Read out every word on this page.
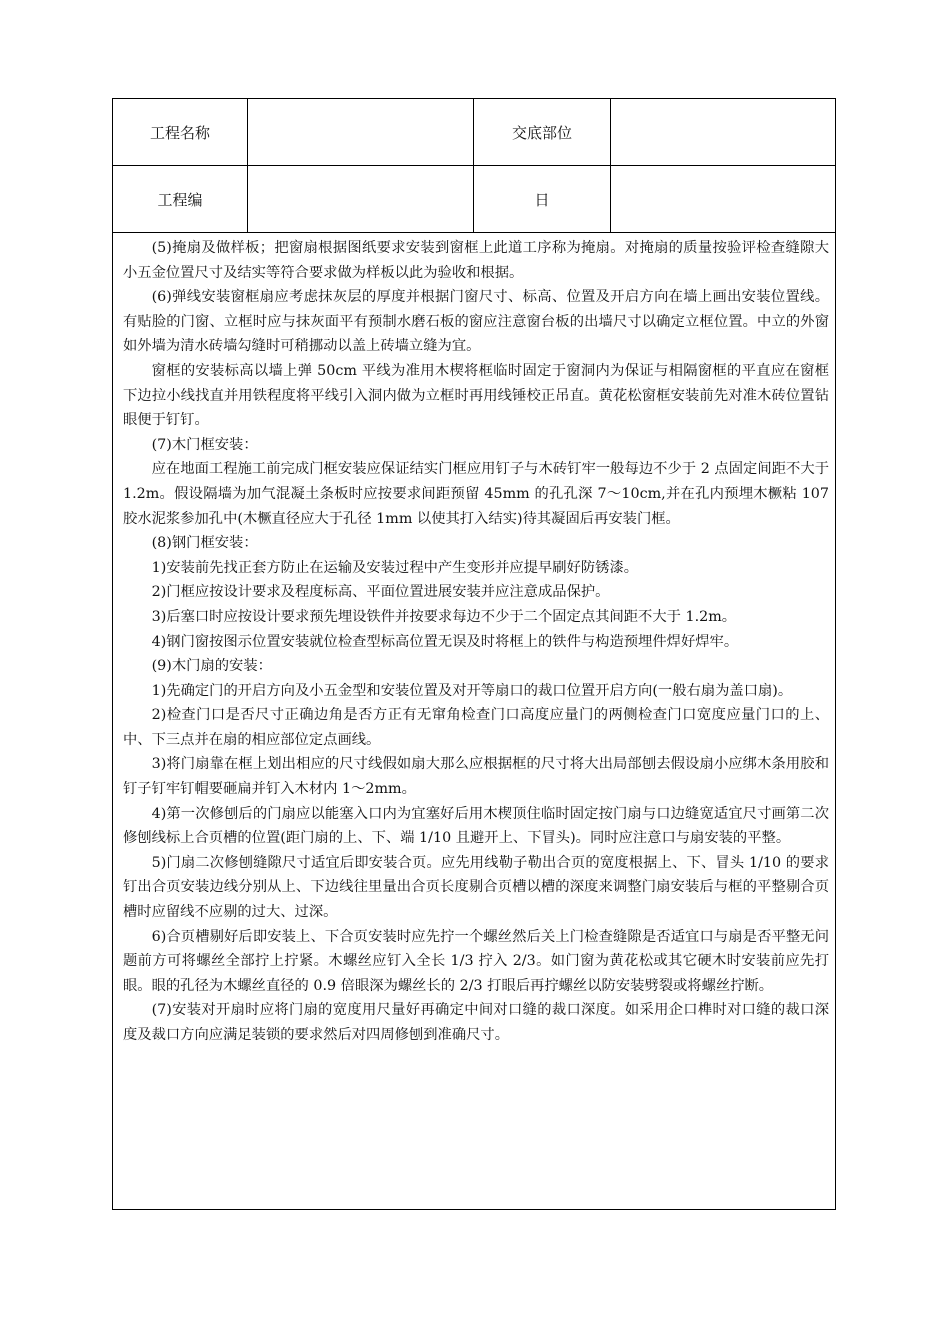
工程名称	交底部位
工程编	日

(5)掩扇及做样板；把窗扇根据图纸要求安装到窗框上此道工序称为掩扇。对掩扇的质量按验评检查缝隙大小五金位置尺寸及结实等符合要求做为样板以此为验收和根据。

(6)弹线安装窗框扇应考虑抹灰层的厚度并根据门窗尺寸、标高、位置及开启方向在墙上画出安装位置线。有贴脸的门窗、立框时应与抹灰面平有预制水磨石板的窗应注意窗台板的出墙尺寸以确定立框位置。中立的外窗如外墙为清水砖墙勾缝时可稍挪动以盖上砖墙立缝为宜。

窗框的安装标高以墙上弹 50cm 平线为准用木楔将框临时固定于窗洞内为保证与相隔窗框的平直应在窗框下边拉小线找直并用铁程度将平线引入洞内做为立框时再用线锤校正吊直。黄花松窗框安装前先对准木砖位置钻眼便于钉钉。

(7)木门框安装：

应在地面工程施工前完成门框安装应保证结实门框应用钉子与木砖钉牢一般每边不少于 2 点固定间距不大于 1.2m。假设隔墙为加气混凝土条板时应按要求间距预留 45mm 的孔孔深 7～10cm,并在孔内预埋木橛粘 107 胶水泥浆参加孔中(木橛直径应大于孔径 1mm 以使其打入结实)待其凝固后再安装门框。

(8)钢门框安装：

1)安装前先找正套方防止在运输及安装过程中产生变形并应提早刷好防锈漆。

2)门框应按设计要求及程度标高、平面位置进展安装并应注意成品保护。

3)后塞口时应按设计要求预先埋设铁件并按要求每边不少于二个固定点其间距不大于 1.2m。

4)钢门窗按图示位置安装就位检查型标高位置无误及时将框上的铁件与构造预埋件焊好焊牢。

(9)木门扇的安装：

1)先确定门的开启方向及小五金型和安装位置及对开等扇口的裁口位置开启方向(一般右扇为盖口扇)。

2)检查门口是否尺寸正确边角是否方正有无窜角检查门口高度应量门的两侧检查门口宽度应量门口的上、中、下三点并在扇的相应部位定点画线。

3)将门扇靠在框上划出相应的尺寸线假如扇大那么应根据框的尺寸将大出局部刨去假设扇小应绑木条用胶和钉子钉牢钉帽要砸扁并钉入木材内 1～2mm。

4)第一次修刨后的门扇应以能塞入口内为宜塞好后用木楔顶住临时固定按门扇与口边缝宽适宜尺寸画第二次修刨线标上合页槽的位置(距门扇的上、下、端 1/10 且避开上、下冒头)。同时应注意口与扇安装的平整。

5)门扇二次修刨缝隙尺寸适宜后即安装合页。应先用线勒子勒出合页的宽度根据上、下、冒头 1/10 的要求钉出合页安装边线分别从上、下边线往里量出合页长度剔合页槽以槽的深度来调整门扇安装后与框的平整剔合页槽时应留线不应剔的过大、过深。

6)合页槽剔好后即安装上、下合页安装时应先拧一个螺丝然后关上门检查缝隙是否适宜口与扇是否平整无问题前方可将螺丝全部拧上拧紧。木螺丝应钉入全长 1/3 拧入 2/3。如门窗为黄花松或其它硬木时安装前应先打眼。眼的孔径为木螺丝直径的 0.9 倍眼深为螺丝长的 2/3 打眼后再拧螺丝以防安装劈裂或将螺丝拧断。

(7)安装对开扇时应将门扇的宽度用尺量好再确定中间对口缝的裁口深度。如采用企口榫时对口缝的裁口深度及裁口方向应满足装锁的要求然后对四周修刨到准确尺寸。
